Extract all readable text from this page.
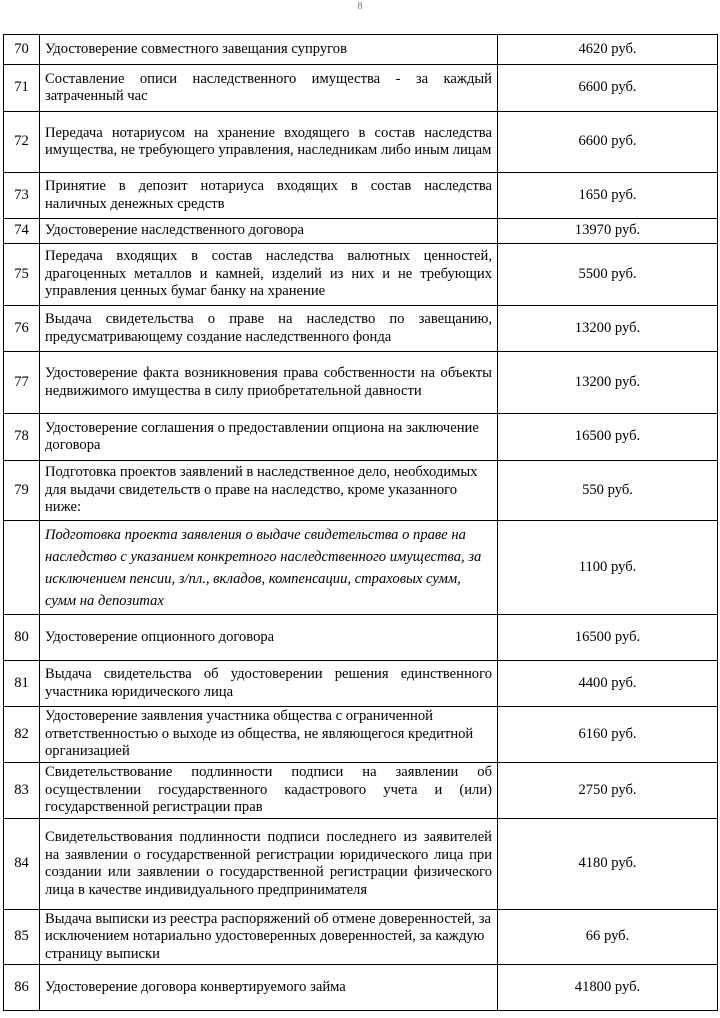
8
70	Удостоверение совместного завещания супругов	4620 руб.
71	Составление описи наследственного имущества - за каждый затраченный час	6600 руб.
72	Передача нотариусом на хранение входящего в состав наследства имущества, не требующего управления, наследникам либо иным лицам	6600 руб.
73	Принятие в депозит нотариуса входящих в состав наследства наличных денежных средств	1650 руб.
74	Удостоверение наследственного договора	13970 руб.
75	Передача входящих в состав наследства валютных ценностей, драгоценных металлов и камней, изделий из них и не требующих управления ценных бумаг банку на хранение	5500 руб.
76	Выдача свидетельства о праве на наследство по завещанию, предусматривающему создание наследственного фонда	13200 руб.
77	Удостоверение факта возникновения права собственности на объекты недвижимого имущества в силу приобретательной давности	13200 руб.
78	Удостоверение соглашения о предоставлении опциона на заключение договора	16500 руб.
79	Подготовка проектов заявлений в наследственное дело, необходимых для выдачи свидетельств о праве на наследство, кроме указанного ниже:	550 руб.
	Подготовка проекта заявления о выдаче свидетельства о праве на наследство с указанием конкретного наследственного имущества, за исключением пенсии, з/пл., вкладов, компенсации, страховых сумм, сумм на депозитах	1100 руб.
80	Удостоверение опционного договора	16500 руб.
81	Выдача свидетельства об удостоверении решения единственного участника юридического лица	4400 руб.
82	Удостоверение заявления участника общества с ограниченной ответственностью о выходе из общества, не являющегося кредитной организацией	6160 руб.
83	Свидетельствование подлинности подписи на заявлении об осуществлении государственного кадастрового учета и (или) государственной регистрации прав	2750 руб.
84	Свидетельствования подлинности подписи последнего из заявителей на заявлении о государственной регистрации юридического лица при создании или заявлении о государственной регистрации физического лица в качестве индивидуального предпринимателя	4180 руб.
85	Выдача выписки из реестра распоряжений об отмене доверенностей, за исключением нотариально удостоверенных доверенностей, за каждую страницу выписки	66 руб.
86	Удостоверение договора конвертируемого займа	41800 руб.
